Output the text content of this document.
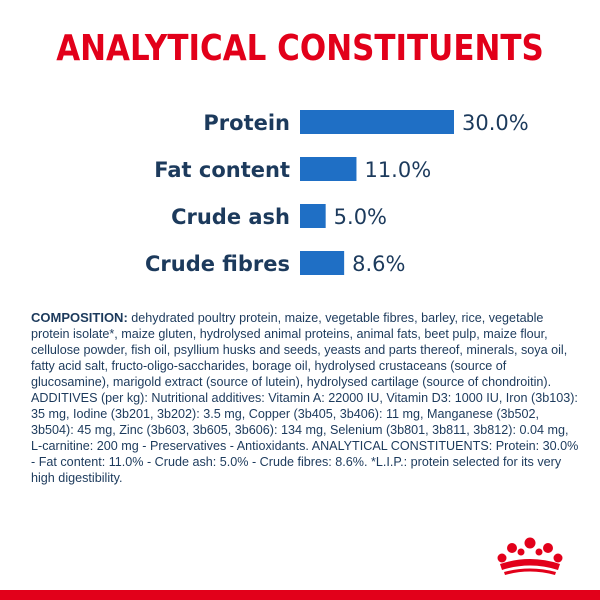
ANALYTICAL CONSTITUENTS
Protein	30.0%
Fat content	11.0%
Crude ash 5.0%
Crude fibres	8.6%
COMPOSITION: dehydrated poultry protein, maize, vegetable fibres, barley, rice, vegetable protein isolate*, maize gluten, hydrolysed animal proteins, animal fats, beet pulp, maize flour, cellulose powder, fish oil, psyllium husks and seeds, yeasts and parts thereof, minerals, soya oil, fatty acid salt, fructo-oligo-saccharides, borage oil, hydrolysed crustaceans (source of glucosamine), marigold extract (source of lutein), hydrolysed cartilage (source of chondroitin). ADDITIVES (per kg): Nutritional additives: Vitamin A: 22000 IU, Vitamin D3: 1000 IU, Iron (3b103): 35 mg, Iodine (3b201, 3b202): 3.5 mg, Copper (3b405, 3b406): 11 mg, Manganese (3b502, 3b504): 45 mg, Zinc (3b603, 3b605, 3b606): 134 mg, Selenium (3b801, 3b811, 3b812): 0.04 mg, L-carnitine: 200 mg - Preservatives - Antioxidants. ANALYTICAL CONSTITUENTS: Protein: 30.0% - Fat content: 11.0% - Crude ash: 5.0% - Crude fibres: 8.6%. *L.I.P.: protein selected for its very high digestibility.
